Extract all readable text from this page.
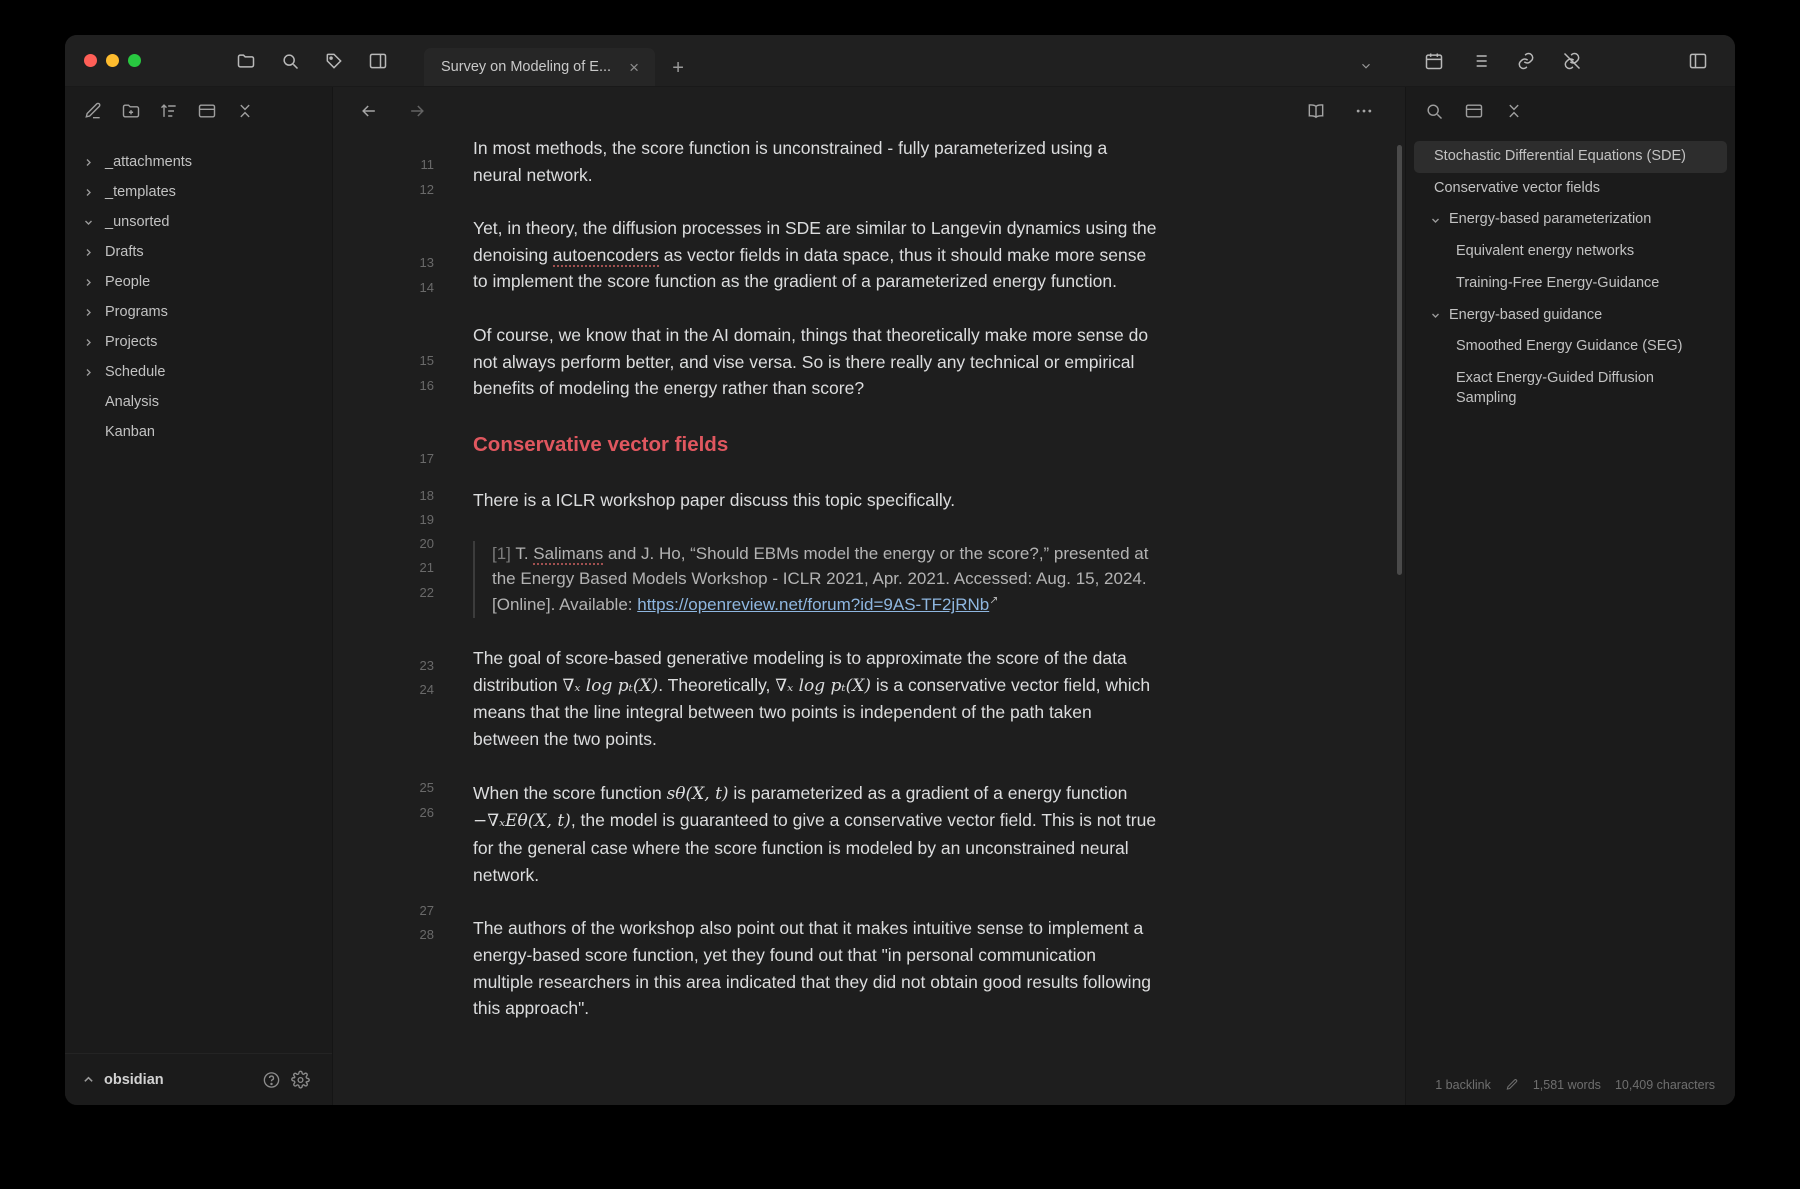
Survey on Modeling of E... × +
_attachments
_templates
_unsorted
Drafts
People
Programs
Projects
Schedule
Analysis
Kanban
obsidian
11
12
13
14
15
16
17
18
19
20
21
22
23
24
25
26
27
28

In most methods, the score function is unconstrained - fully parameterized using a neural network.

Yet, in theory, the diffusion processes in SDE are similar to Langevin dynamics using the denoising autoencoders as vector fields in data space, thus it should make more sense to implement the score function as the gradient of a parameterized energy function.

Of course, we know that in the AI domain, things that theoretically make more sense do not always perform better, and vise versa. So is there really any technical or empirical benefits of modeling the energy rather than score?

Conservative vector fields

There is a ICLR workshop paper discuss this topic specifically.

[1] T. Salimans and J. Ho, “Should EBMs model the energy or the score?,” presented at the Energy Based Models Workshop - ICLR 2021, Apr. 2021. Accessed: Aug. 15, 2024. [Online]. Available: https://openreview.net/forum?id=9AS-TF2jRNb↗

The goal of score-based generative modeling is to approximate the score of the data distribution ∇ₓ log pₜ(X). Theoretically, ∇ₓ log pₜ(X) is a conservative vector field, which means that the line integral between two points is independent of the path taken between the two points.

When the score function sθ(X, t) is parameterized as a gradient of a energy function −∇ₓEθ(X, t), the model is guaranteed to give a conservative vector field. This is not true for the general case where the score function is modeled by an unconstrained neural network.

The authors of the workshop also point out that it makes intuitive sense to implement a energy-based score function, yet they found out that "in personal communication multiple researchers in this area indicated that they did not obtain good results following this approach".

Stochastic Differential Equations (SDE)
Conservative vector fields
Energy-based parameterization
Equivalent energy networks
Training-Free Energy-Guidance
Energy-based guidance
Smoothed Energy Guidance (SEG)
Exact Energy-Guided Diffusion Sampling
1 backlink	1,581 words 10,409 characters
